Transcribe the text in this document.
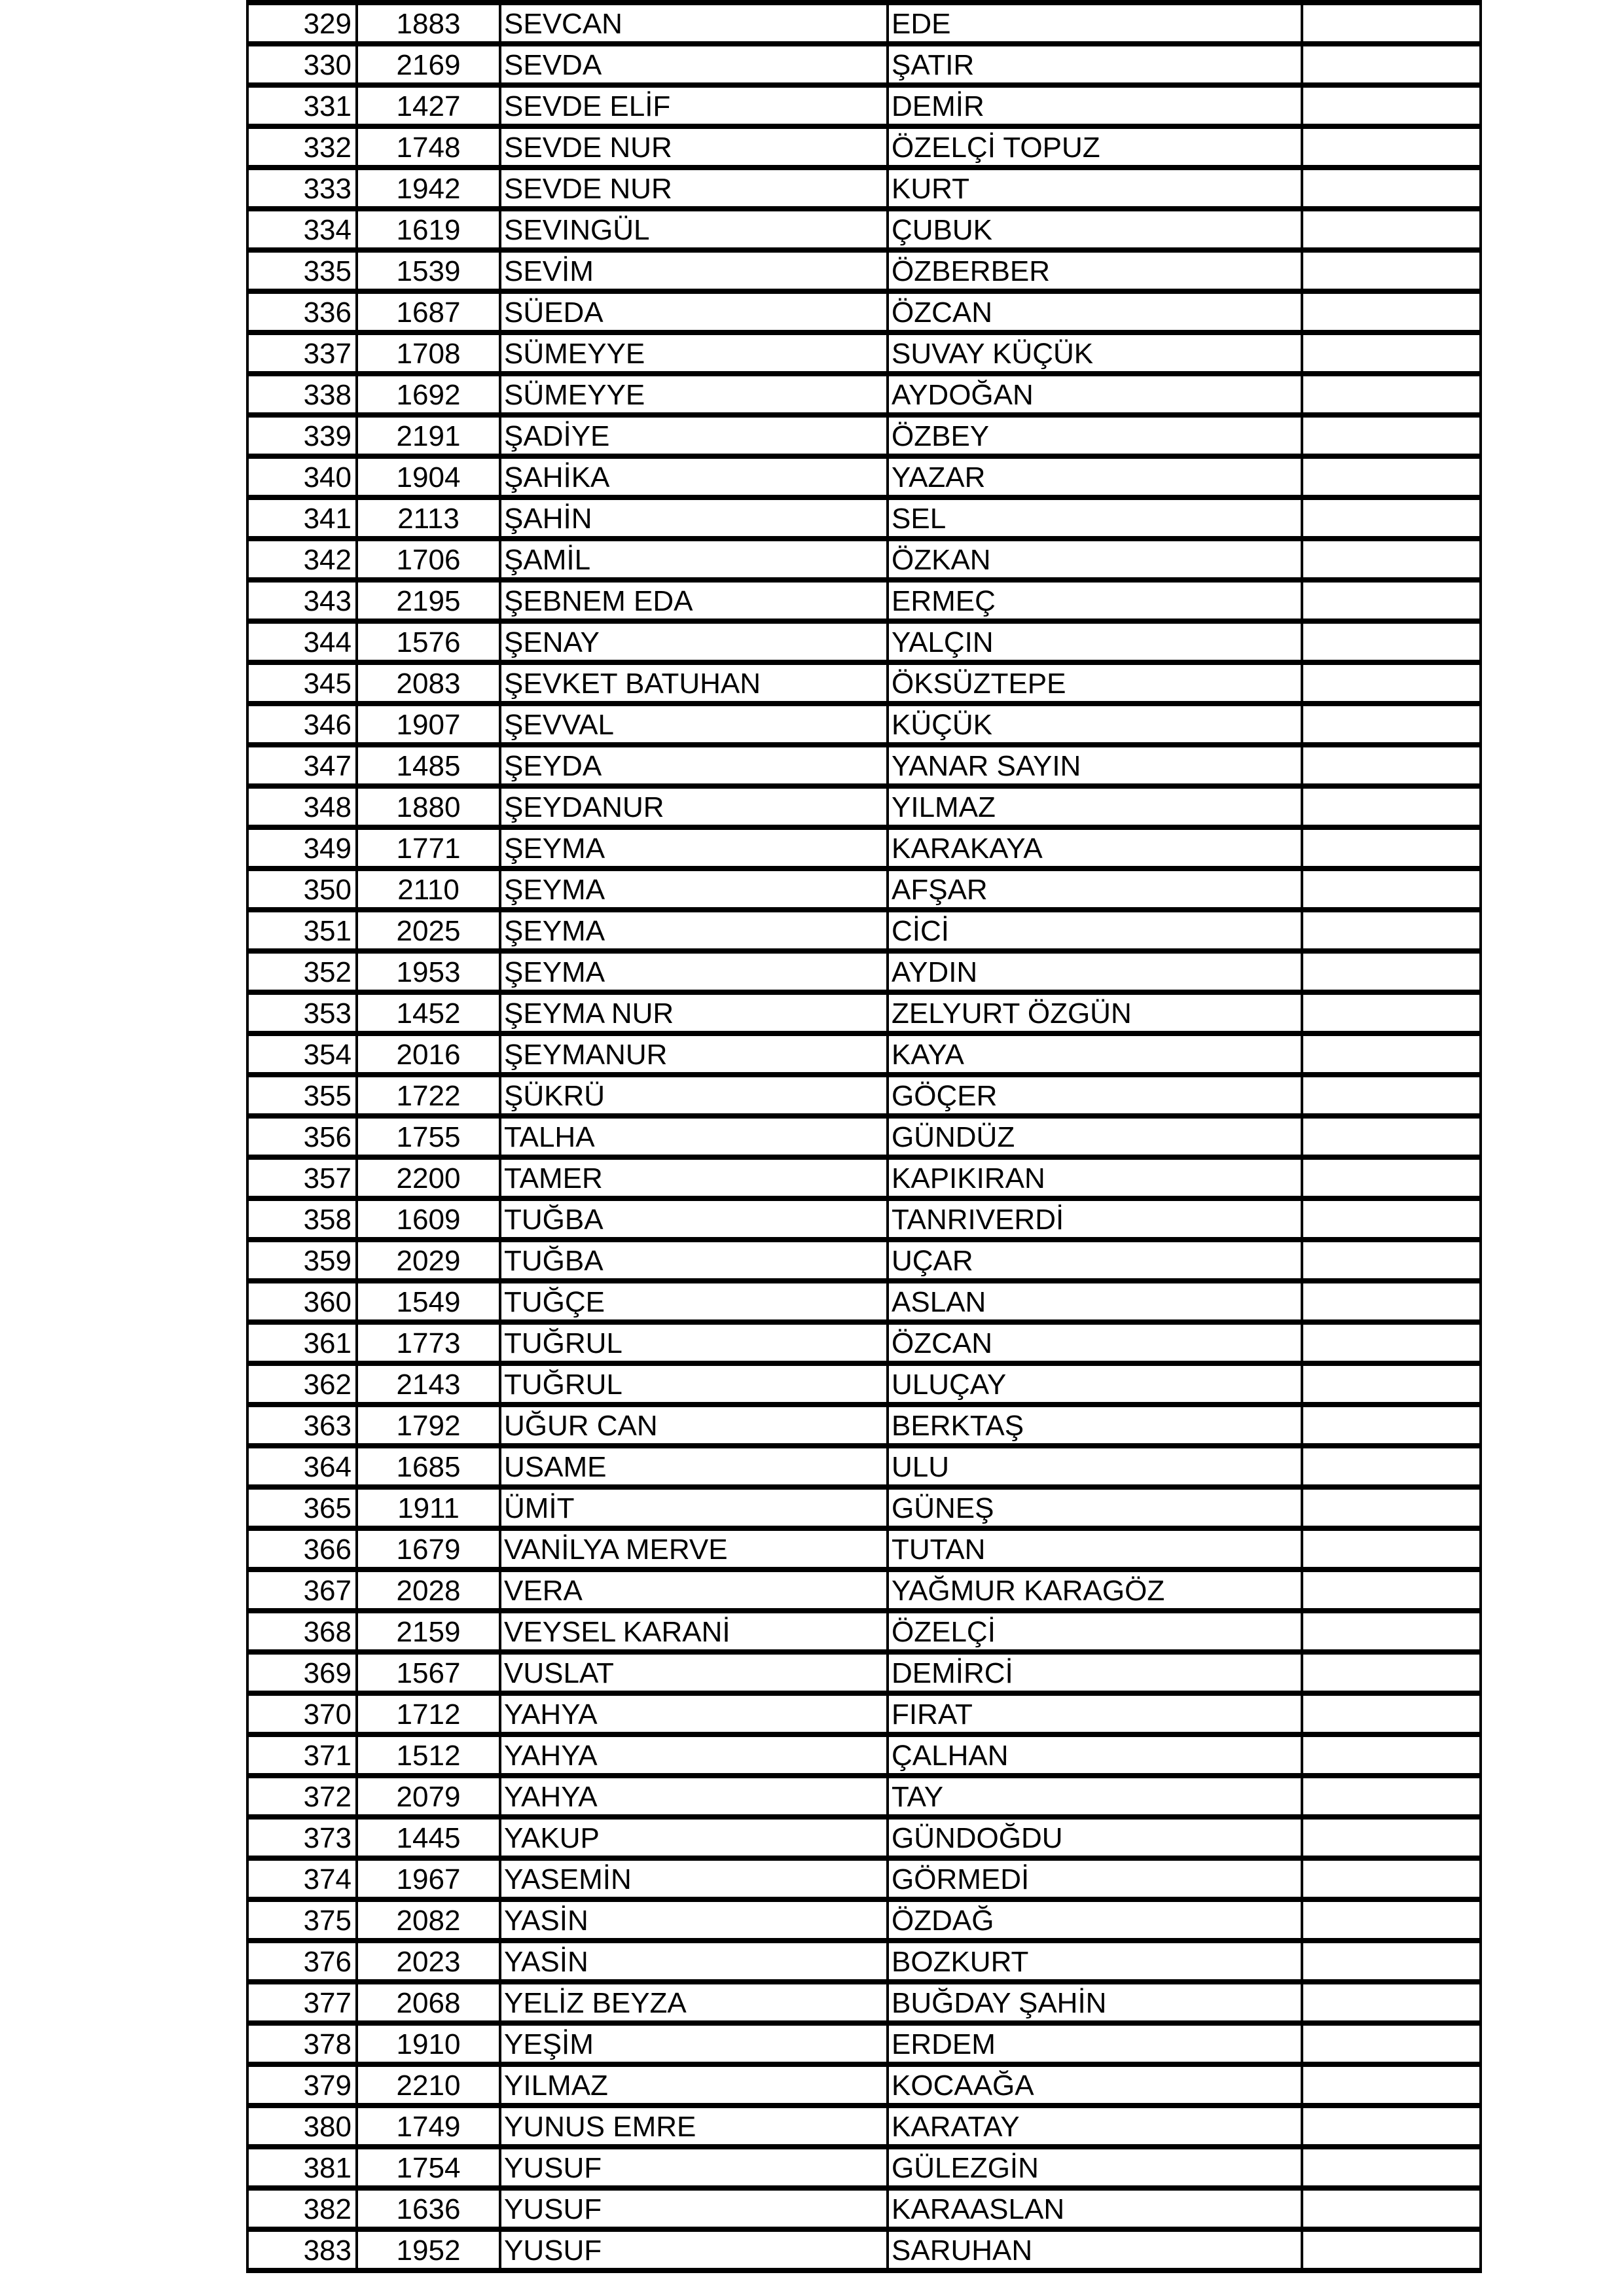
329	1883	SEVCAN	EDE	
330	2169	SEVDA	ŞATIR	
331	1427	SEVDE ELİF	DEMİR	
332	1748	SEVDE NUR	ÖZELÇİ TOPUZ	
333	1942	SEVDE NUR	KURT	
334	1619	SEVINGÜL	ÇUBUK	
335	1539	SEVİM	ÖZBERBER	
336	1687	SÜEDA	ÖZCAN	
337	1708	SÜMEYYE	SUVAY KÜÇÜK	
338	1692	SÜMEYYE	AYDOĞAN	
339	2191	ŞADİYE	ÖZBEY	
340	1904	ŞAHİKA	YAZAR	
341	2113	ŞAHİN	SEL	
342	1706	ŞAMİL	ÖZKAN	
343	2195	ŞEBNEM EDA	ERMEÇ	
344	1576	ŞENAY	YALÇIN	
345	2083	ŞEVKET BATUHAN	ÖKSÜZTEPE	
346	1907	ŞEVVAL	KÜÇÜK	
347	1485	ŞEYDA	YANAR SAYIN	
348	1880	ŞEYDANUR	YILMAZ	
349	1771	ŞEYMA	KARAKAYA	
350	2110	ŞEYMA	AFŞAR	
351	2025	ŞEYMA	CİCİ	
352	1953	ŞEYMA	AYDIN	
353	1452	ŞEYMA NUR	ZELYURT ÖZGÜN	
354	2016	ŞEYMANUR	KAYA	
355	1722	ŞÜKRÜ	GÖÇER	
356	1755	TALHA	GÜNDÜZ	
357	2200	TAMER	KAPIKIRAN	
358	1609	TUĞBA	TANRIVERDİ	
359	2029	TUĞBA	UÇAR	
360	1549	TUĞÇE	ASLAN	
361	1773	TUĞRUL	ÖZCAN	
362	2143	TUĞRUL	ULUÇAY	
363	1792	UĞUR CAN	BERKTAŞ	
364	1685	USAME	ULU	
365	1911	ÜMİT	GÜNEŞ	
366	1679	VANİLYA MERVE	TUTAN	
367	2028	VERA	YAĞMUR KARAGÖZ	
368	2159	VEYSEL KARANİ	ÖZELÇİ	
369	1567	VUSLAT	DEMİRCİ	
370	1712	YAHYA	FIRAT	
371	1512	YAHYA	ÇALHAN	
372	2079	YAHYA	TAY	
373	1445	YAKUP	GÜNDOĞDU	
374	1967	YASEMİN	GÖRMEDİ	
375	2082	YASİN	ÖZDAĞ	
376	2023	YASİN	BOZKURT	
377	2068	YELİZ BEYZA	BUĞDAY ŞAHİN	
378	1910	YEŞİM	ERDEM	
379	2210	YILMAZ	KOCAAĞA	
380	1749	YUNUS EMRE	KARATAY	
381	1754	YUSUF	GÜLEZGİN	
382	1636	YUSUF	KARAASLAN	
383	1952	YUSUF	SARUHAN	
